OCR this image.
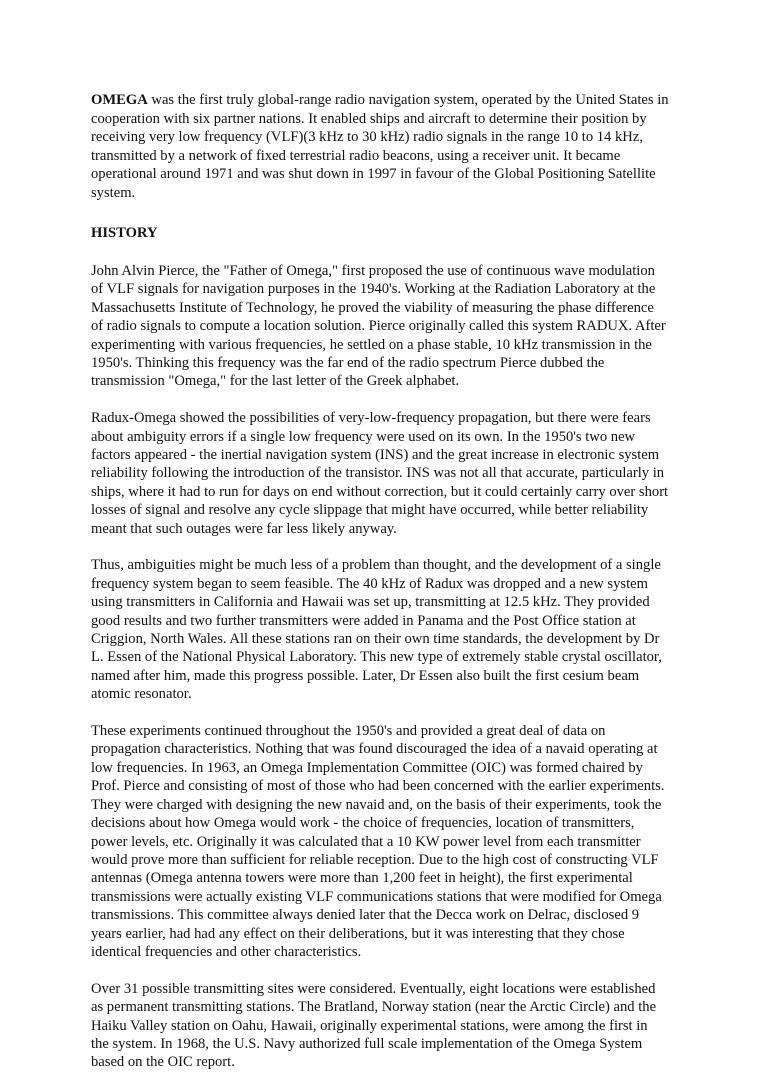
OMEGA was the first truly global-range radio navigation system, operated by the United States in cooperation with six partner nations. It enabled ships and aircraft to determine their position by receiving very low frequency (VLF)(3 kHz to 30 kHz) radio signals in the range 10 to 14 kHz, transmitted by a network of fixed terrestrial radio beacons, using a receiver unit. It became operational around 1971 and was shut down in 1997 in favour of the Global Positioning Satellite system.

HISTORY

John Alvin Pierce, the "Father of Omega," first proposed the use of continuous wave modulation of VLF signals for navigation purposes in the 1940's. Working at the Radiation Laboratory at the Massachusetts Institute of Technology, he proved the viability of measuring the phase difference of radio signals to compute a location solution. Pierce originally called this system RADUX. After experimenting with various frequencies, he settled on a phase stable, 10 kHz transmission in the 1950's. Thinking this frequency was the far end of the radio spectrum Pierce dubbed the transmission "Omega," for the last letter of the Greek alphabet.

Radux-Omega showed the possibilities of very-low-frequency propagation, but there were fears about ambiguity errors if a single low frequency were used on its own. In the 1950's two new factors appeared - the inertial navigation system (INS) and the great increase in electronic system reliability following the introduction of the transistor. INS was not all that accurate, particularly in ships, where it had to run for days on end without correction, but it could certainly carry over short losses of signal and resolve any cycle slippage that might have occurred, while better reliability meant that such outages were far less likely anyway.

Thus, ambiguities might be much less of a problem than thought, and the development of a single frequency system began to seem feasible. The 40 kHz of Radux was dropped and a new system using transmitters in California and Hawaii was set up, transmitting at 12.5 kHz. They provided good results and two further transmitters were added in Panama and the Post Office station at Criggion, North Wales. All these stations ran on their own time standards, the development by Dr L. Essen of the National Physical Laboratory. This new type of extremely stable crystal oscillator, named after him, made this progress possible. Later, Dr Essen also built the first cesium beam atomic resonator.

These experiments continued throughout the 1950's and provided a great deal of data on propagation characteristics. Nothing that was found discouraged the idea of a navaid operating at low frequencies. In 1963, an Omega Implementation Committee (OIC) was formed chaired by Prof. Pierce and consisting of most of those who had been concerned with the earlier experiments. They were charged with designing the new navaid and, on the basis of their experiments, took the decisions about how Omega would work - the choice of frequencies, location of transmitters, power levels, etc. Originally it was calculated that a 10 KW power level from each transmitter would prove more than sufficient for reliable reception. Due to the high cost of constructing VLF antennas (Omega antenna towers were more than 1,200 feet in height), the first experimental transmissions were actually existing VLF communications stations that were modified for Omega transmissions. This committee always denied later that the Decca work on Delrac, disclosed 9 years earlier, had had any effect on their deliberations, but it was interesting that they chose identical frequencies and other characteristics.

Over 31 possible transmitting sites were considered. Eventually, eight locations were established as permanent transmitting stations. The Bratland, Norway station (near the Arctic Circle) and the Haiku Valley station on Oahu, Hawaii, originally experimental stations, were among the first in the system. In 1968, the U.S. Navy authorized full scale implementation of the Omega System based on the OIC report.
